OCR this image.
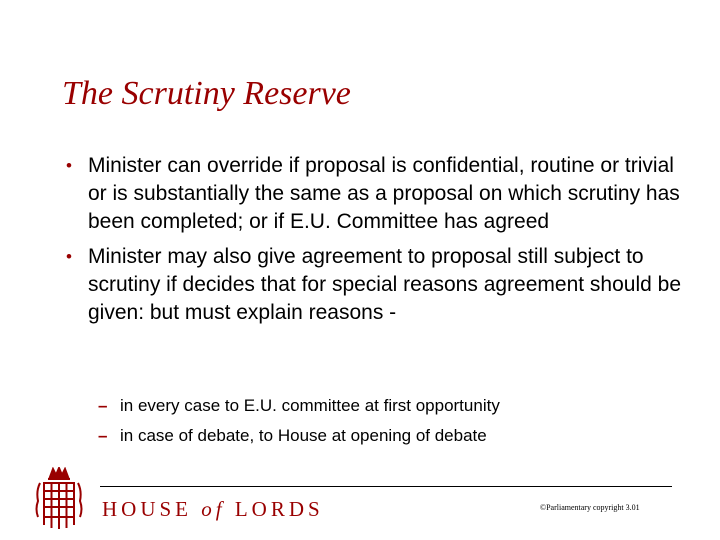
The Scrutiny Reserve
• Minister can override if proposal is confidential, routine or trivial or is substantially the same as a proposal on which scrutiny has been completed; or if E.U. Committee has agreed
• Minister may also give agreement to proposal still subject to scrutiny if decides that for special reasons agreement should be given: but must explain reasons -
– in every case to E.U. committee at first opportunity
– in case of debate, to House at opening of debate
HOUSE of LORDS	©Parliamentary copyright 3.01
